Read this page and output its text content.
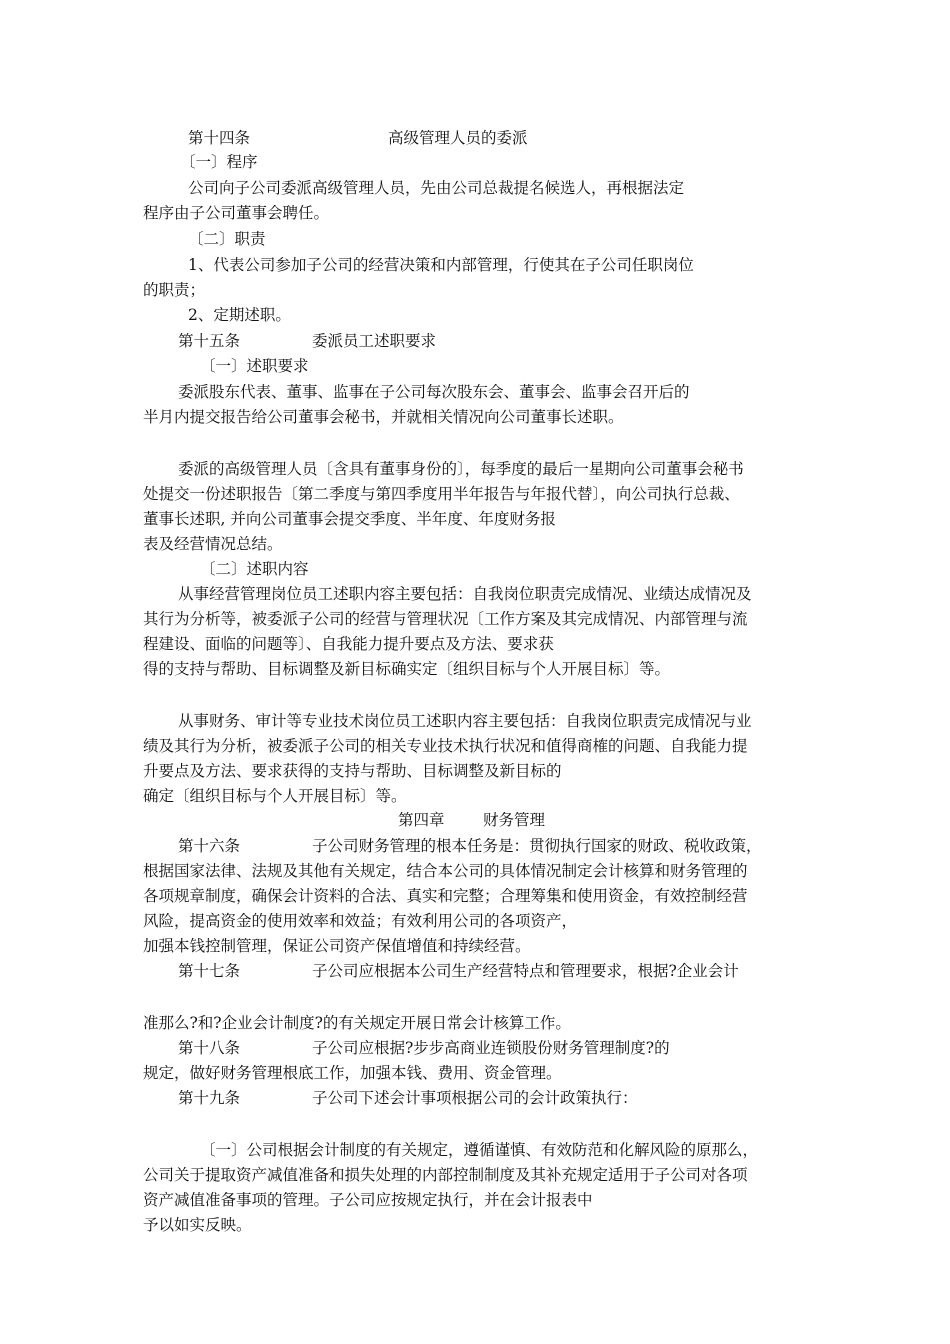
第十四条	高级管理人员的委派
〔一〕程序
公司向子公司委派高级管理人员，先由公司总裁提名候选人，再根据法定
程序由子公司董事会聘任。
〔二〕职责
1、代表公司参加子公司的经营决策和内部管理，行使其在子公司任职岗位
的职责；
2、定期述职。
第十五条	委派员工述职要求
〔一〕述职要求
委派股东代表、董事、监事在子公司每次股东会、董事会、监事会召开后的
半月内提交报告给公司董事会秘书，并就相关情况向公司董事长述职。
委派的高级管理人员〔含具有董事身份的〕，每季度的最后一星期向公司董事会秘书
处提交一份述职报告〔第二季度与第四季度用半年报告与年报代替〕，向公司执行总裁、
董事长述职, 并向公司董事会提交季度、半年度、年度财务报
表及经营情况总结。
〔二〕述职内容
从事经营管理岗位员工述职内容主要包括：自我岗位职责完成情况、业绩达成情况及
其行为分析等，被委派子公司的经营与管理状况〔工作方案及其完成情况、内部管理与流
程建设、面临的问题等〕、自我能力提升要点及方法、要求获
得的支持与帮助、目标调整及新目标确实定〔组织目标与个人开展目标〕等。
从事财务、审计等专业技术岗位员工述职内容主要包括：自我岗位职责完成情况与业
绩及其行为分析，被委派子公司的相关专业技术执行状况和值得商榷的问题、自我能力提
升要点及方法、要求获得的支持与帮助、目标调整及新目标的
确定〔组织目标与个人开展目标〕等。
第四章 财务管理
第十六条	子公司财务管理的根本任务是：贯彻执行国家的财政、税收政策，
根据国家法律、法规及其他有关规定，结合本公司的具体情况制定会计核算和财务管理的
各项规章制度，确保会计资料的合法、真实和完整；合理筹集和使用资金，有效控制经营
风险，提高资金的使用效率和效益；有效利用公司的各项资产，
加强本钱控制管理，保证公司资产保值增值和持续经营。
第十七条	子公司应根据本公司生产经营特点和管理要求，根据?企业会计
准那么?和?企业会计制度?的有关规定开展日常会计核算工作。
第十八条	子公司应根据?步步高商业连锁股份财务管理制度?的
规定，做好财务管理根底工作，加强本钱、费用、资金管理。
第十九条	子公司下述会计事项根据公司的会计政策执行：
〔一〕公司根据会计制度的有关规定，遵循谨慎、有效防范和化解风险的原那么，
公司关于提取资产减值准备和损失处理的内部控制制度及其补充规定适用于子公司对各项
资产减值准备事项的管理。子公司应按规定执行，并在会计报表中
予以如实反映。
